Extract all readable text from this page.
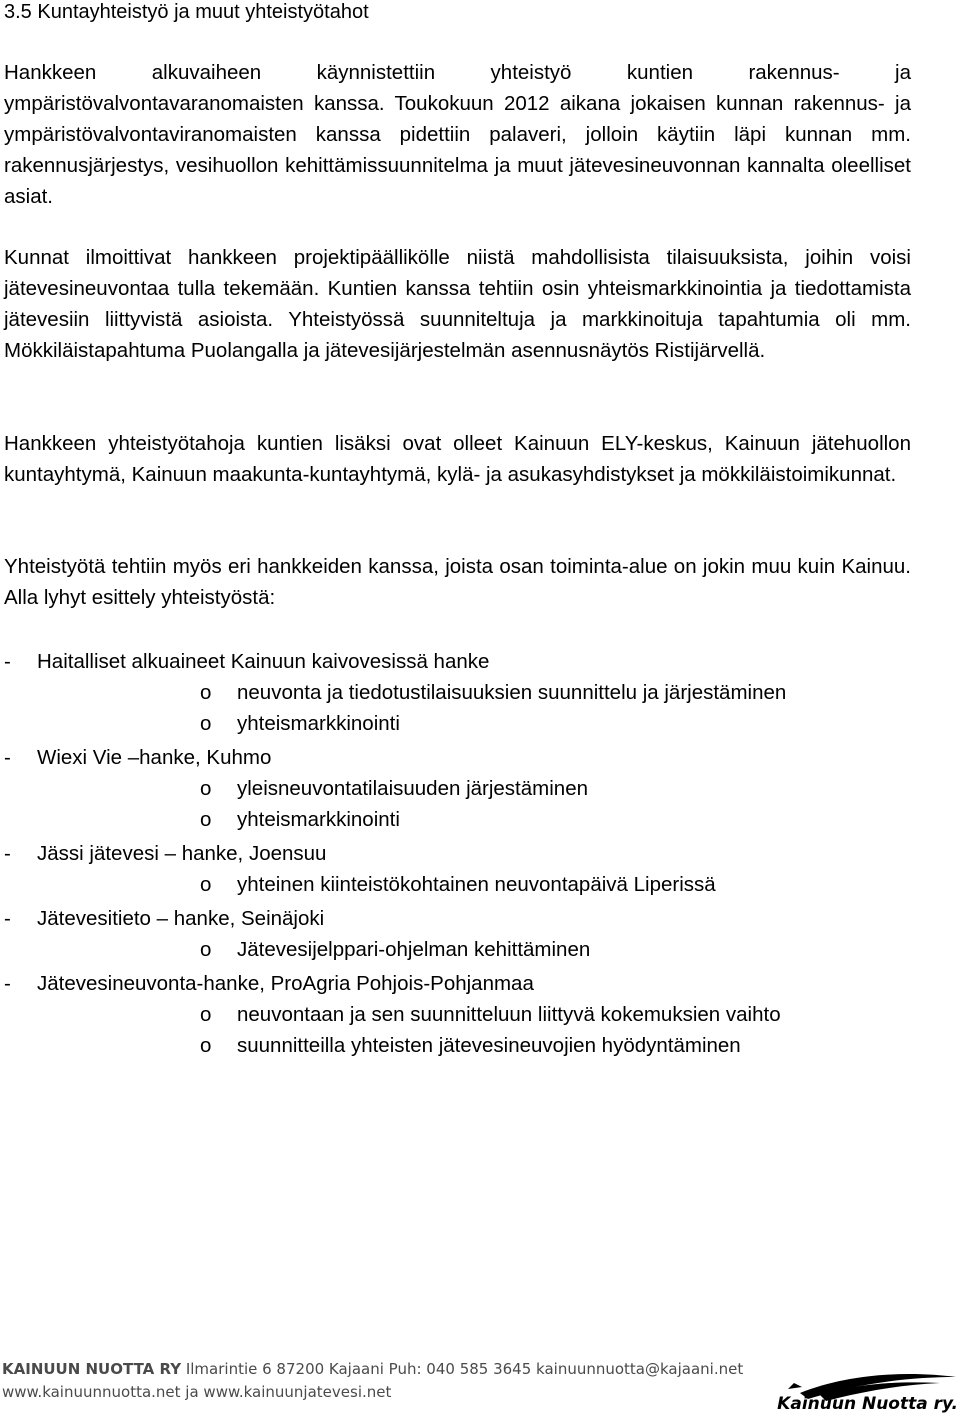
3.5 Kuntayhteistyö ja muut yhteistyötahot

Hankkeen alkuvaiheen käynnistettiin yhteistyö kuntien rakennus- ja ympäristövalvontavaranomaisten kanssa. Toukokuun 2012 aikana jokaisen kunnan rakennus- ja ympäristövalvontaviranomaisten kanssa pidettiin palaveri, jolloin käytiin läpi kunnan mm. rakennusjärjestys, vesihuollon kehittämissuunnitelma ja muut jätevesineuvonnan kannalta oleelliset asiat.

Kunnat ilmoittivat hankkeen projektipäällikölle niistä mahdollisista tilaisuuksista, joihin voisi jätevesineuvontaa tulla tekemään. Kuntien kanssa tehtiin osin yhteismarkkinointia ja tiedottamista jätevesiin liittyvistä asioista. Yhteistyössä suunniteltuja ja markkinoituja tapahtumia oli mm. Mökkiläistapahtuma Puolangalla ja jätevesijärjestelmän asennusnäytös Ristijärvellä.

Hankkeen yhteistyötahoja kuntien lisäksi ovat olleet Kainuun ELY-keskus, Kainuun jätehuollon kuntayhtymä, Kainuun maakunta-kuntayhtymä, kylä- ja asukasyhdistykset ja mökkiläistoimikunnat.

Yhteistyötä tehtiin myös eri hankkeiden kanssa, joista osan toiminta-alue on jokin muu kuin Kainuu. Alla lyhyt esittely yhteistyöstä:

-	Haitalliset alkuaineet Kainuun kaivovesissä hanke
o	neuvonta ja tiedotustilaisuuksien suunnittelu ja järjestäminen
o	yhteismarkkinointi
-	Wiexi Vie –hanke, Kuhmo
o	yleisneuvontatilaisuuden järjestäminen
o	yhteismarkkinointi
-	Jässi jätevesi – hanke, Joensuu
o	yhteinen kiinteistökohtainen neuvontapäivä Liperissä
-	Jätevesitieto – hanke, Seinäjoki
o	Jätevesijelppari-ohjelman kehittäminen
-	Jätevesineuvonta-hanke, ProAgria Pohjois-Pohjanmaa
o	neuvontaan ja sen suunnitteluun liittyvä kokemuksien vaihto
o	suunnitteilla yhteisten jätevesineuvojien hyödyntäminen
KAINUUN NUOTTA RY Ilmarintie 6 87200 Kajaani Puh: 040 585 3645 kainuunnuotta@kajaani.net
www.kainuunnuotta.net ja www.kainuunjatevesi.net
Kainuun Nuotta ry.
